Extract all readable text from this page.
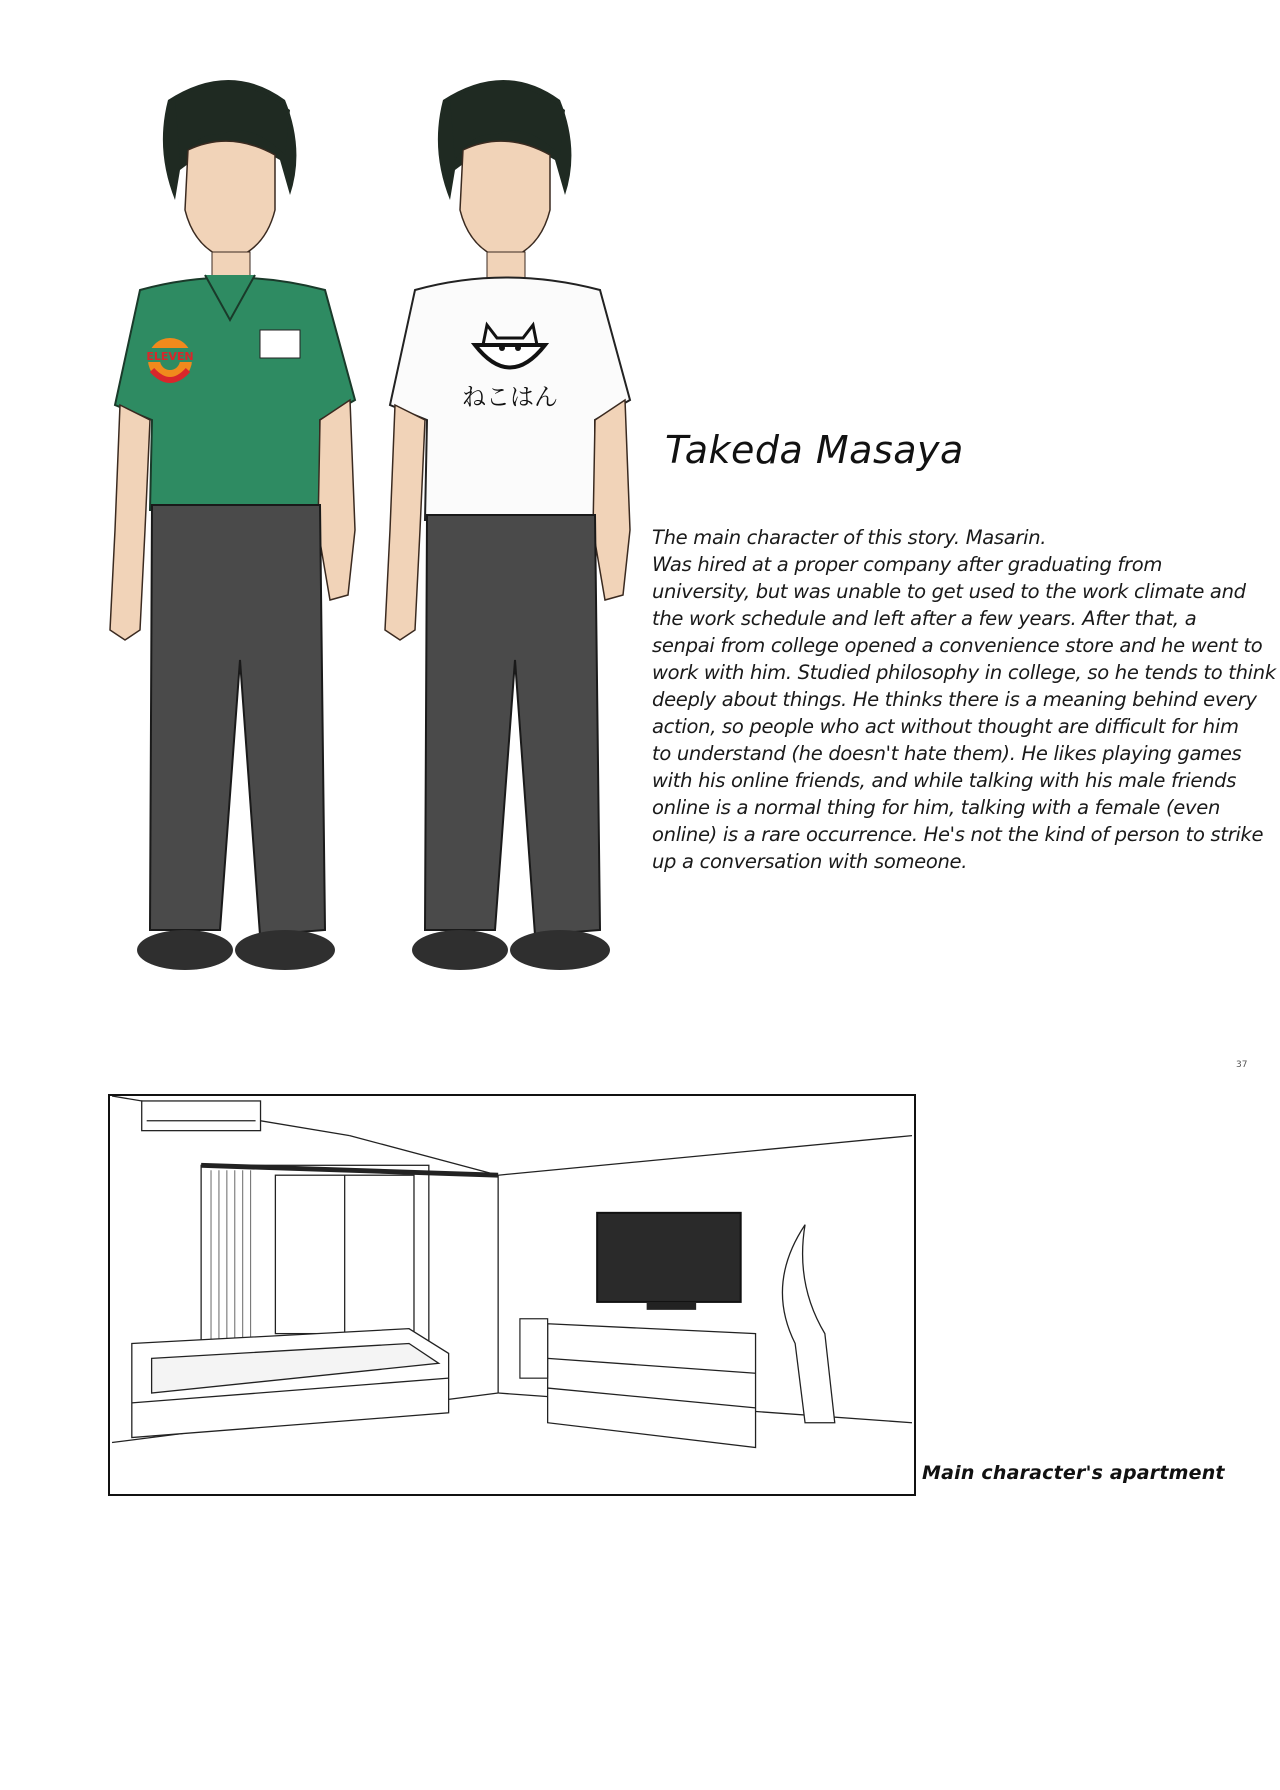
ELEVEN
ねこはん
Takeda Masaya
The main character of this story. Masarin.
Was hired at a proper company after graduating from
university, but was unable to get used to the work climate and
the work schedule and left after a few years. After that, a
senpai from college opened a convenience store and he went to
work with him. Studied philosophy in college, so he tends to think
deeply about things. He thinks there is a meaning behind every
action, so people who act without thought are difficult for him
to understand (he doesn't hate them). He likes playing games
with his online friends, and while talking with his male friends
online is a normal thing for him, talking with a female (even
online) is a rare occurrence. He's not the kind of person to strike
up a conversation with someone.
37
Main character's apartment
